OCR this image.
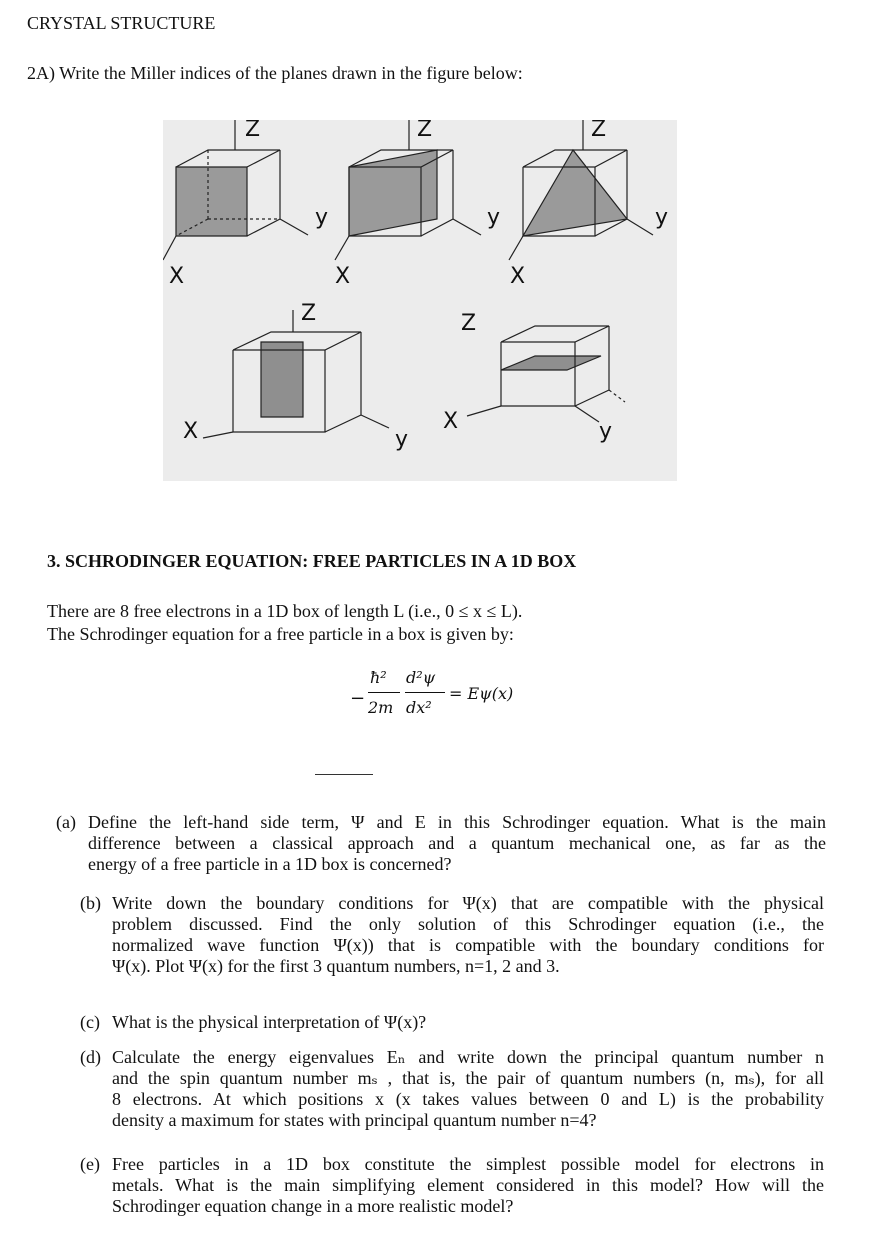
CRYSTAL STRUCTURE
2A) Write the Miller indices of the planes drawn in the figure below:
Z
y
X
Z
y
X
Z
y
X
Z
y
X
Z
y
X
3. SCHRODINGER EQUATION: FREE PARTICLES IN A 1D BOX
There are 8 free electrons in a 1D box of length L (i.e., 0 ≤ x ≤ L).
The Schrodinger equation for a free particle in a box is given by:
−
ħ²
2m
d²ψ
dx²
= Eψ(x)
(a) Define the left-hand side term, Ψ and E in this Schrodinger equation. What is the main
difference between a classical approach and a quantum mechanical one, as far as the
energy of a free particle in a 1D box is concerned?
(b) Write down the boundary conditions for Ψ(x) that are compatible with the physical
problem discussed. Find the only solution of this Schrodinger equation (i.e., the
normalized wave function Ψ(x)) that is compatible with the boundary conditions for
Ψ(x). Plot Ψ(x) for the first 3 quantum numbers, n=1, 2 and 3.
(c) What is the physical interpretation of Ψ(x)?
(d) Calculate the energy eigenvalues Eₙ and write down the principal quantum number n
and the spin quantum number mₛ , that is, the pair of quantum numbers (n, mₛ), for all
8 electrons. At which positions x (x takes values between 0 and L) is the probability
density a maximum for states with principal quantum number n=4?
(e) Free particles in a 1D box constitute the simplest possible model for electrons in
metals. What is the main simplifying element considered in this model? How will the
Schrodinger equation change in a more realistic model?
